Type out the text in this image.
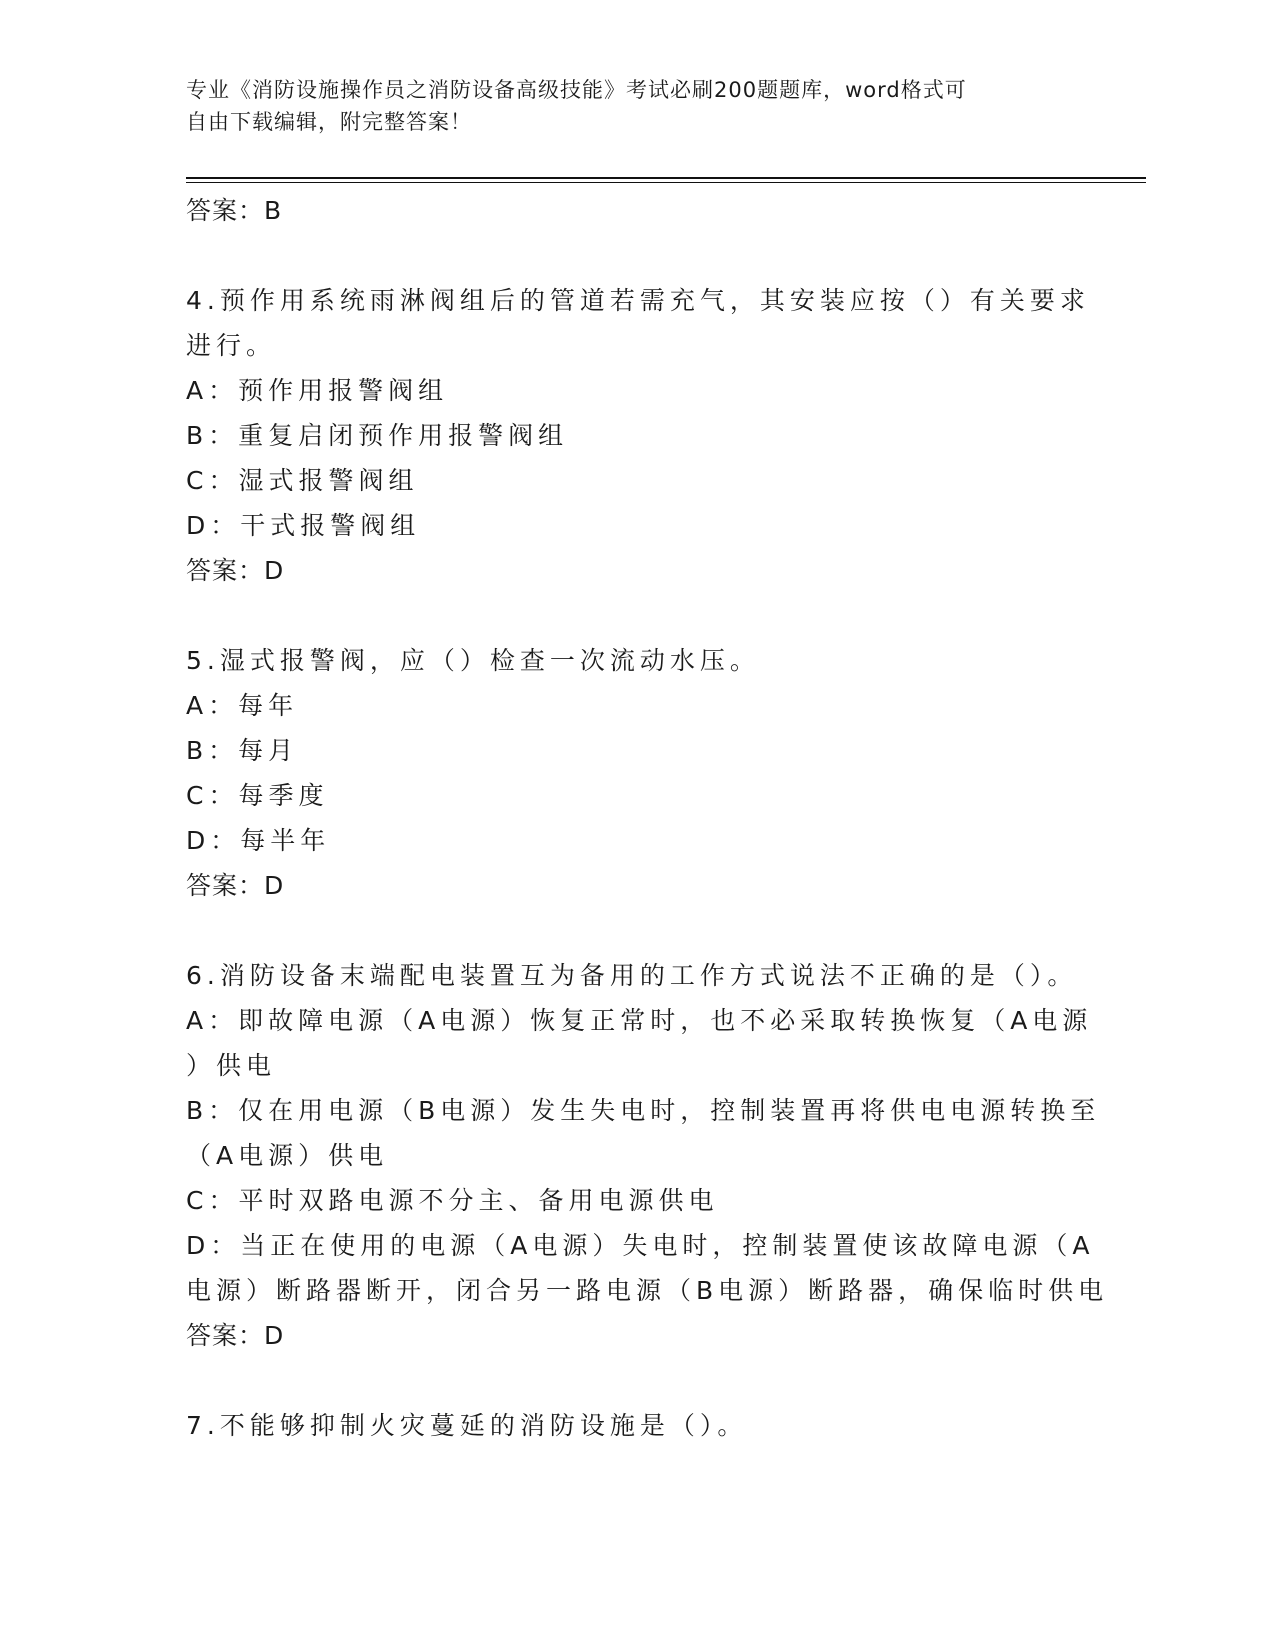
专业《消防设施操作员之消防设备高级技能》考试必刷200题题库，word格式可
自由下载编辑，附完整答案！

答案：B

4.预作用系统雨淋阀组后的管道若需充气，其安装应按（）有关要求

进行。

A：预作用报警阀组

B：重复启闭预作用报警阀组

C：湿式报警阀组

D：干式报警阀组

答案：D

5.湿式报警阀，应（）检查一次流动水压。

A：每年

B：每月

C：每季度

D：每半年

答案：D

6.消防设备末端配电装置互为备用的工作方式说法不正确的是（）。

A：即故障电源（A电源）恢复正常时，也不必采取转换恢复（A电源

）供电

B：仅在用电源（B电源）发生失电时，控制装置再将供电电源转换至

（A电源）供电

C：平时双路电源不分主、备用电源供电

D：当正在使用的电源（A电源）失电时，控制装置使该故障电源（A

电源）断路器断开，闭合另一路电源（B电源）断路器，确保临时供电

答案：D

7.不能够抑制火灾蔓延的消防设施是（）。
